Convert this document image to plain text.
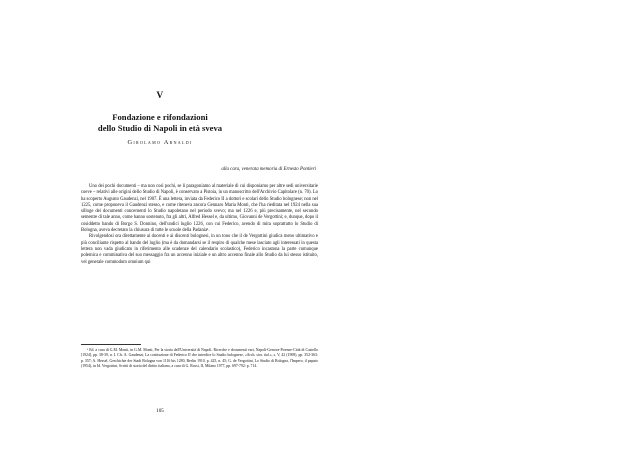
V
Fondazione e rifondazioni
dello Studio di Napoli in età sveva
Girolamo Arnaldi
alla cara, venerata memoria di Ernesto Pontieri

Uno dei pochi documenti – ma non così pochi, se li paragoniamo al materiale di cui disponiamo per altre sedi universitarie coeve – relativi alle origini dello Studio di Napoli, è conservato a Pistoia, in un manoscritto dell'Archivio Capitolare (n. 70). Lo ha scoperto Augusto Gaudenzi, nel 1907. È una lettera, inviata da Federico II a dottori e scolari dello Studio bolognese; non nel 1225, come proponeva il Gaudenzi stesso, e come riteneva ancora Gennaro Maria Monti, che l'ha rieditata nel 1924 nella sua silloge dei documenti concernenti lo Studio napoletano nel periodo svevo; ma nel 1226 e, più precisamente, nel secondo semestre di tale anno, come hanno sostenuto, fra gli altri, Alfred Hessel e, da ultimo, Giovanni de Vergottini; e, dunque, dopo il cosiddetto bando di Borgo S. Donnino, dell'undici luglio 1226, con cui Federico, avendo di mira soprattutto lo Studio di Bologna, aveva decretato la chiusura di tutte le scuole della Padania¹.

Rivolgendosi ora direttamente ai docenti e ai discenti bolognesi, in un tono che il de Vergottini giudica meno ultimativo e più conciliante rispetto al bando del luglio (ma è da domandarsi se il respiro di qualche mese lasciato agli interessati in questa lettera non vada giudicato in riferimento alle scadenze del calendario scolastico), Federico incastona la parte comunque polemica e comminativa del suo messaggio fra un accenno iniziale e un altro accenno finale allo Studio da lui stesso istituito, vel generale commodum omnium qui

¹ Ed. a cura di G.M. Monti, in G.M. Monti, Per la storia dell'Università di Napoli. Ricerche e documenti vari, Napoli-Genova-Firenze-Città di Castello [1924], pp. 38-39, n. I. Cfr. A. Gaudenzi, La costituzione di Federico II che interdice lo Studio bolognese, «Arch. stor. ital.», s. V, 42 (1908), pp. 352-363: p. 357; A. Hessel, Geschichte der Stadt Bologna von 1116 bis 1280, Berlin 1910, p. 425, n. 45; G. de Vergottini, Lo Studio di Bologna, l'Impero, il papato (1954), in Id. Vergottini, Scritti di storia del diritto italiano, a cura di G. Rossi, II, Milano 1977, pp. 697-792: p. 714.

105
